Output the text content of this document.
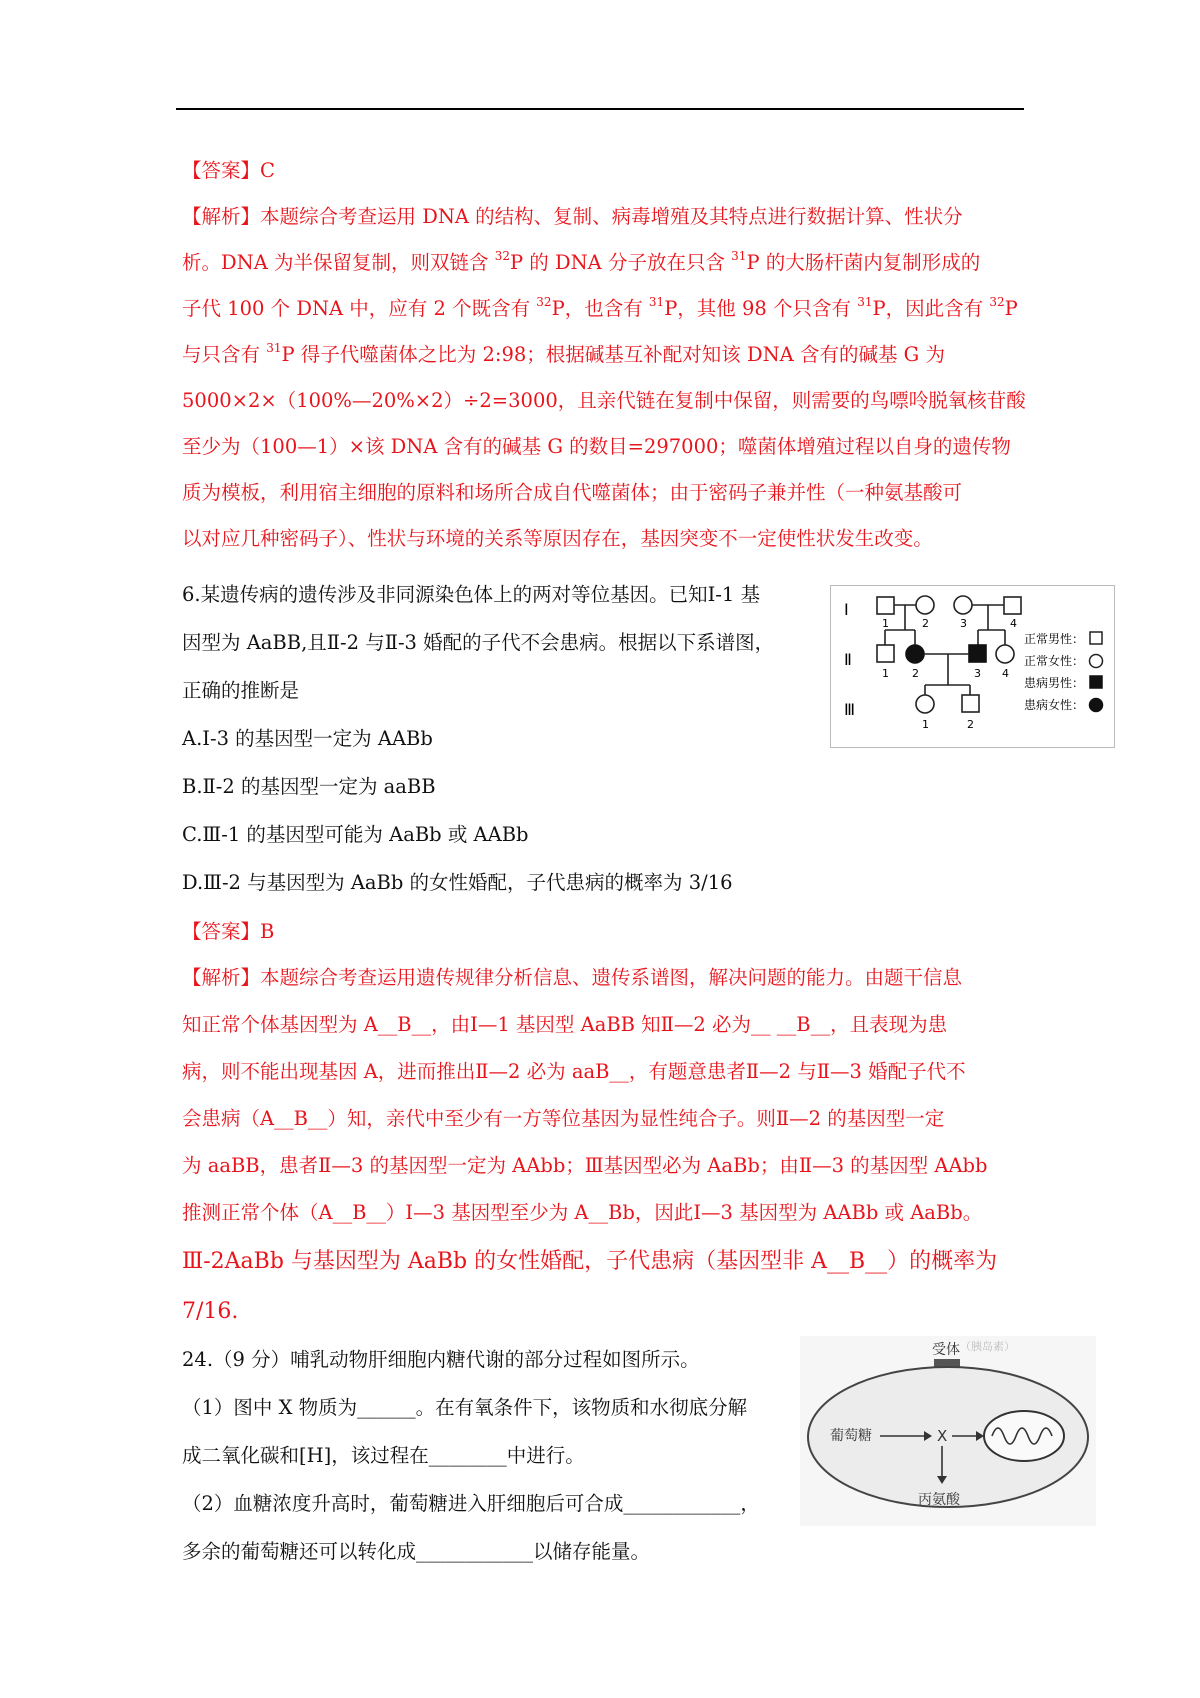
【答案】C
【解析】本题综合考查运用 DNA 的结构、复制、病毒增殖及其特点进行数据计算、性状分
析。DNA 为半保留复制，则双链含 $^{32}$P 的 DNA 分子放在只含 $^{31}$P 的大肠杆菌内复制形成的
子代 100 个 DNA 中，应有 2 个既含有 $^{32}$P，也含有 $^{31}$P，其他 98 个只含有 $^{31}$P，因此含有 $^{32}$P
与只含有 $^{31}$P 得子代噬菌体之比为 2:98；根据碱基互补配对知该 DNA 含有的碱基 G 为
5000×2×（100%—20%×2）÷2=3000，且亲代链在复制中保留，则需要的鸟嘌呤脱氧核苷酸
至少为（100—1）×该 DNA 含有的碱基 G 的数目=297000；噬菌体增殖过程以自身的遗传物
质为模板，利用宿主细胞的原料和场所合成自代噬菌体；由于密码子兼并性（一种氨基酸可
以对应几种密码子）、性状与环境的关系等原因存在，基因突变不一定使性状发生改变。
6.某遗传病的遗传涉及非同源染色体上的两对等位基因。已知Ⅰ-1 基
因型为 AaBB,且Ⅱ-2 与Ⅱ-3 婚配的子代不会患病。根据以下系谱图，
正确的推断是
A.Ⅰ-3 的基因型一定为 AABb
B.Ⅱ-2 的基因型一定为 aaBB
C.Ⅲ-1 的基因型可能为 AaBb 或 AABb
D.Ⅲ-2 与基因型为 AaBb 的女性婚配，子代患病的概率为 3/16
【答案】B
【解析】本题综合考查运用遗传规律分析信息、遗传系谱图，解决问题的能力。由题干信息
知正常个体基因型为 A__B__，由Ⅰ—1 基因型 AaBB 知Ⅱ—2 必为__ __B__，且表现为患
病，则不能出现基因 A，进而推出Ⅱ—2 必为 aaB__，有题意患者Ⅱ—2 与Ⅱ—3 婚配子代不
会患病（A__B__）知，亲代中至少有一方等位基因为显性纯合子。则Ⅱ—2 的基因型一定
为 aaBB，患者Ⅱ—3 的基因型一定为 AAbb；Ⅲ基因型必为 AaBb；由Ⅱ—3 的基因型 AAbb
推测正常个体（A__B__）Ⅰ—3 基因型至少为 A__Bb，因此Ⅰ—3 基因型为 AABb 或 AaBb。
Ⅲ-2AaBb 与基因型为 AaBb 的女性婚配，子代患病（基因型非 A__B__）的概率为
7/16.
24.（9 分）哺乳动物肝细胞内糖代谢的部分过程如图所示。
（1）图中 X 物质为______。在有氧条件下，该物质和水彻底分解
成二氧化碳和[H]，该过程在________中进行。
（2）血糖浓度升高时，葡萄糖进入肝细胞后可合成____________，
多余的葡萄糖还可以转化成____________以储存能量。
Ⅰ
Ⅱ
Ⅲ
1	2	3	4
1 2	3 4
1	2
正常男性：
正常女性：
患病男性：
患病女性：
（胰岛素）
受体
葡萄糖	X
丙氨酸
